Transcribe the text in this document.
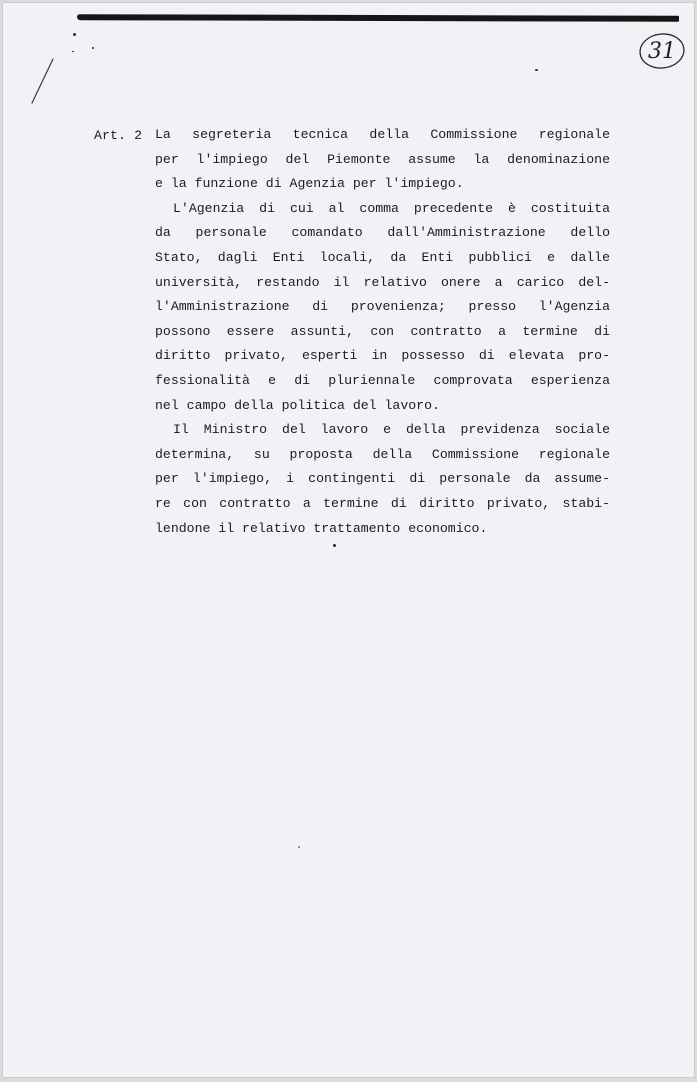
31
Art. 2 La segreteria tecnica della Commissione regionale
per l'impiego del Piemonte assume la denominazione
e la funzione di Agenzia per l'impiego.

L'Agenzia di cui al comma precedente è costituita
da personale comandato dall'Amministrazione dello
Stato, dagli Enti locali, da Enti pubblici e dalle
università, restando il relativo onere a carico del-
l'Amministrazione di provenienza; presso l'Agenzia
possono essere assunti, con contratto a termine di
diritto privato, esperti in possesso di elevata pro-
fessionalità e di pluriennale comprovata esperienza
nel campo della politica del lavoro.

Il Ministro del lavoro e della previdenza sociale
determina, su proposta della Commissione regionale
per l'impiego, i contingenti di personale da assume-
re con contratto a termine di diritto privato, stabi-
lendone il relativo trattamento economico.
